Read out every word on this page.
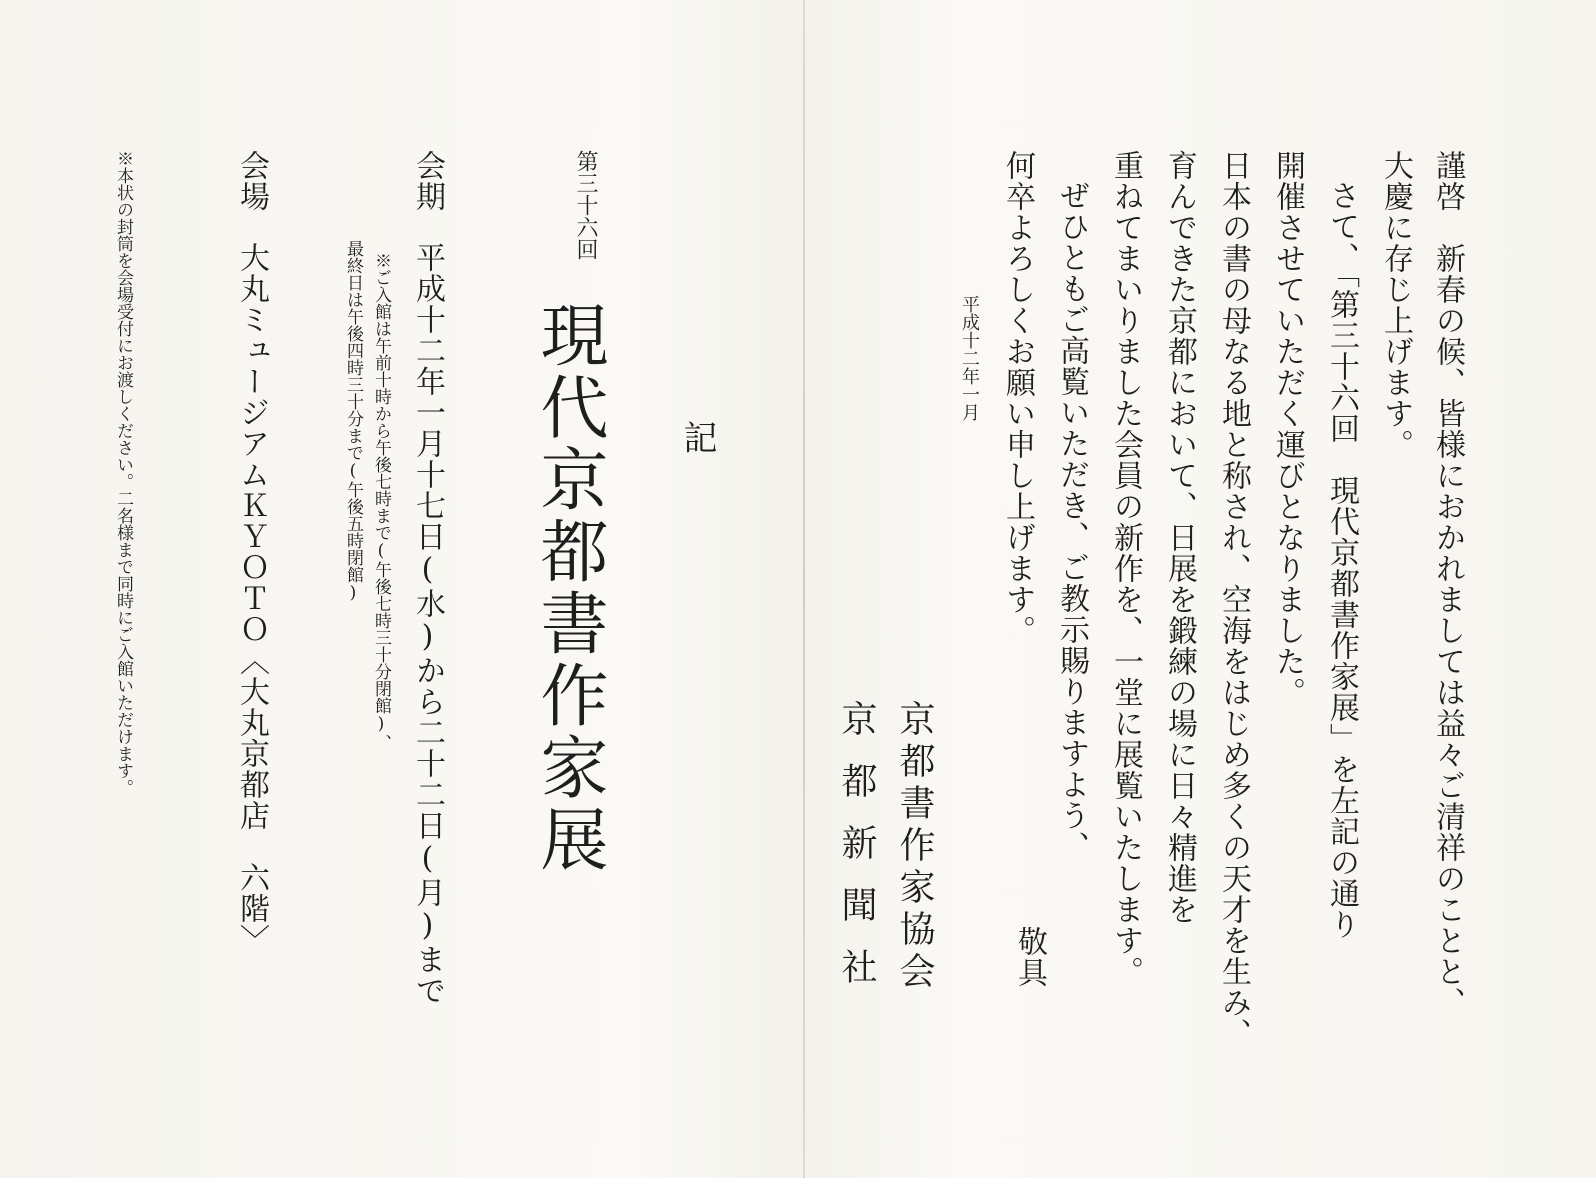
謹啓　新春の候、皆様におかれましては益々ご清祥のことと、
大慶に存じ上げます。
さて、「第三十六回　現代京都書作家展」を左記の通り
開催させていただく運びとなりました。
日本の書の母なる地と称され、空海をはじめ多くの天才を生み、
育んできた京都において、日展を鍛練の場に日々精進を
重ねてまいりました会員の新作を、一堂に展覧いたします。
ぜひともご高覧いただき、ご教示賜りますよう、
何卒よろしくお願い申し上げます。
平成十二年一月
敬具
京都書作家協会
京都新聞社
記
第三十六回
現代京都書作家展
会期
平成十二年一月十七日(水)から二十二日(月)まで
※ご入館は午前十時から午後七時まで(午後七時三十分閉館)、
最終日は午後四時三十分まで(午後五時閉館)
会場
大丸ミュージアムＫＹＯＴＯ〈大丸京都店　六階〉
※本状の封筒を会場受付にお渡しください。二名様まで同時にご入館いただけます。
